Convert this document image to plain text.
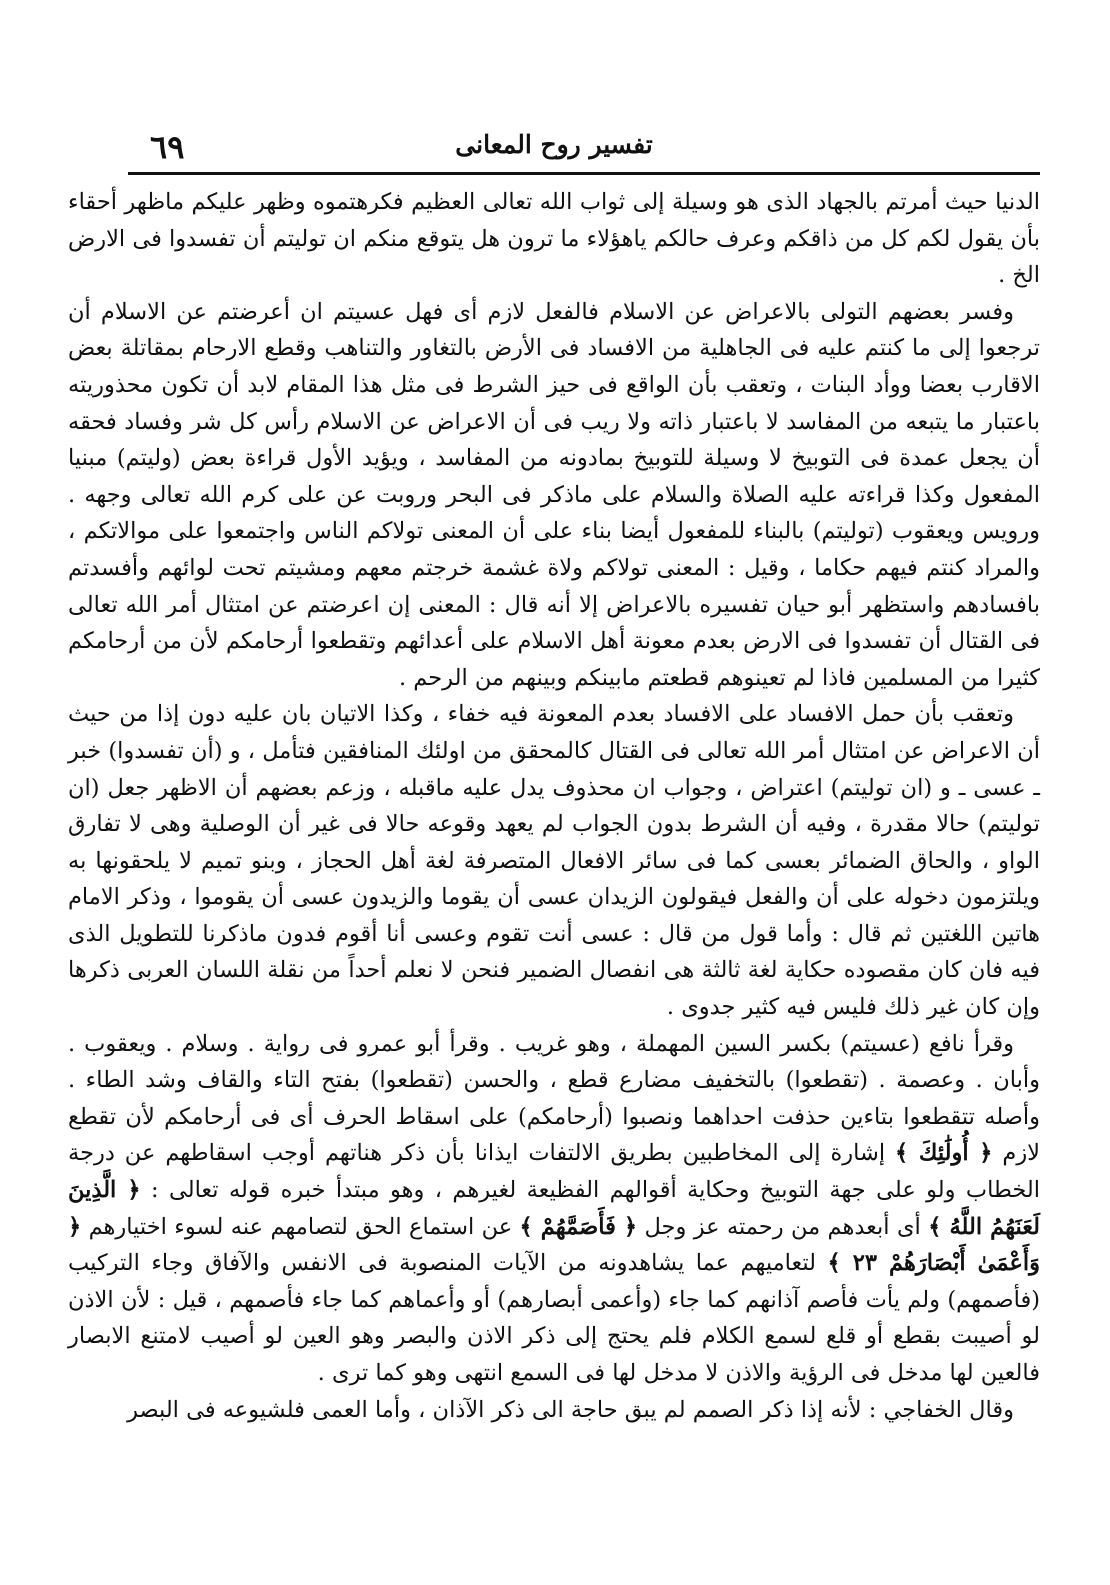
تفسير روح المعانى
٦٩

الدنيا حيث أمرتم بالجهاد الذى هو وسيلة إلى ثواب الله تعالى العظيم فكرهتموه وظهر عليكم ماظهر أحقاء بأن يقول لكم كل من ذاقكم وعرف حالكم ياهؤلاء ما ترون هل يتوقع منكم ان توليتم أن تفسدوا فى الارض الخ .

وفسر بعضهم التولى بالاعراض عن الاسلام فالفعل لازم أى فهل عسيتم ان أعرضتم عن الاسلام أن ترجعوا إلى ما كنتم عليه فى الجاهلية من الافساد فى الأرض بالتغاور والتناهب وقطع الارحام بمقاتلة بعض الاقارب بعضا ووأد البنات ، وتعقب بأن الواقع فى حيز الشرط فى مثل هذا المقام لابد أن تكون محذوريته باعتبار ما يتبعه من المفاسد لا باعتبار ذاته ولا ريب فى أن الاعراض عن الاسلام رأس كل شر وفساد فحقه أن يجعل عمدة فى التوبيخ لا وسيلة للتوبيخ بمادونه من المفاسد ، ويؤيد الأول قراءة بعض (وليتم) مبنيا المفعول وكذا قراءته عليه الصلاة والسلام على ماذكر فى البحر وروبت عن على كرم الله تعالى وجهه . ورويس ويعقوب (توليتم) بالبناء للمفعول أيضا بناء على أن المعنى تولاكم الناس واجتمعوا على موالاتكم ، والمراد كنتم فيهم حكاما ، وقيل : المعنى تولاكم ولاة غشمة خرجتم معهم ومشيتم تحت لوائهم وأفسدتم بافسادهم واستظهر أبو حيان تفسيره بالاعراض إلا أنه قال : المعنى إن اعرضتم عن امتثال أمر الله تعالى فى القتال أن تفسدوا فى الارض بعدم معونة أهل الاسلام على أعدائهم وتقطعوا أرحامكم لأن من أرحامكم كثيرا من المسلمين فاذا لم تعينوهم قطعتم مابينكم وبينهم من الرحم .

وتعقب بأن حمل الافساد على الافساد بعدم المعونة فيه خفاء ، وكذا الاتيان بان عليه دون إذا من حيث أن الاعراض عن امتثال أمر الله تعالى فى القتال كالمحقق من اولئك المنافقين فتأمل ، و (أن تفسدوا) خبر ـ عسى ـ و (ان توليتم) اعتراض ، وجواب ان محذوف يدل عليه ماقبله ، وزعم بعضهم أن الاظهر جعل (ان توليتم) حالا مقدرة ، وفيه أن الشرط بدون الجواب لم يعهد وقوعه حالا فى غير أن الوصلية وهى لا تفارق الواو ، والحاق الضمائر بعسى كما فى سائر الافعال المتصرفة لغة أهل الحجاز ، وبنو تميم لا يلحقونها به ويلتزمون دخوله على أن والفعل فيقولون الزيدان عسى أن يقوما والزيدون عسى أن يقوموا ، وذكر الامام هاتين اللغتين ثم قال : وأما قول من قال : عسى أنت تقوم وعسى أنا أقوم فدون ماذكرنا للتطويل الذى فيه فان كان مقصوده حكاية لغة ثالثة هى انفصال الضمير فنحن لا نعلم أحداً من نقلة اللسان العربى ذكرها وإن كان غير ذلك فليس فيه كثير جدوى .

وقرأ نافع (عسيتم) بكسر السين المهملة ، وهو غريب . وقرأ أبو عمرو فى رواية . وسلام . ويعقوب . وأبان . وعصمة . (تقطعوا) بالتخفيف مضارع قطع ، والحسن (تقطعوا) بفتح التاء والقاف وشد الطاء . وأصله تتقطعوا بتاءين حذفت احداهما ونصبوا (أرحامكم) على اسقاط الحرف أى فى أرحامكم لأن تقطع لازم ﴿ أُولَٰئِكَ ﴾ إشارة إلى المخاطبين بطريق الالتفات ايذانا بأن ذكر هناتهم أوجب اسقاطهم عن درجة الخطاب ولو على جهة التوبيخ وحكاية أقوالهم الفظيعة لغيرهم ، وهو مبتدأ خبره قوله تعالى : ﴿ الَّذِينَ لَعَنَهُمُ اللَّهُ ﴾ أى أبعدهم من رحمته عز وجل ﴿ فَأَصَمَّهُمْ ﴾ عن استماع الحق لتصامهم عنه لسوء اختيارهم ﴿ وَأَعْمَىٰ أَبْصَارَهُمْ ٢٣ ﴾ لتعاميهم عما يشاهدونه من الآيات المنصوبة فى الانفس والآفاق وجاء التركيب (فأصمهم) ولم يأت فأصم آذانهم كما جاء (وأعمى أبصارهم) أو وأعماهم كما جاء فأصمهم ، قيل : لأن الاذن لو أصيبت بقطع أو قلع لسمع الكلام فلم يحتج إلى ذكر الاذن والبصر وهو العين لو أصيب لامتنع الابصار فالعين لها مدخل فى الرؤية والاذن لا مدخل لها فى السمع انتهى وهو كما ترى .

وقال الخفاجي : لأنه إذا ذكر الصمم لم يبق حاجة الى ذكر الآذان ، وأما العمى فلشيوعه فى البصر
